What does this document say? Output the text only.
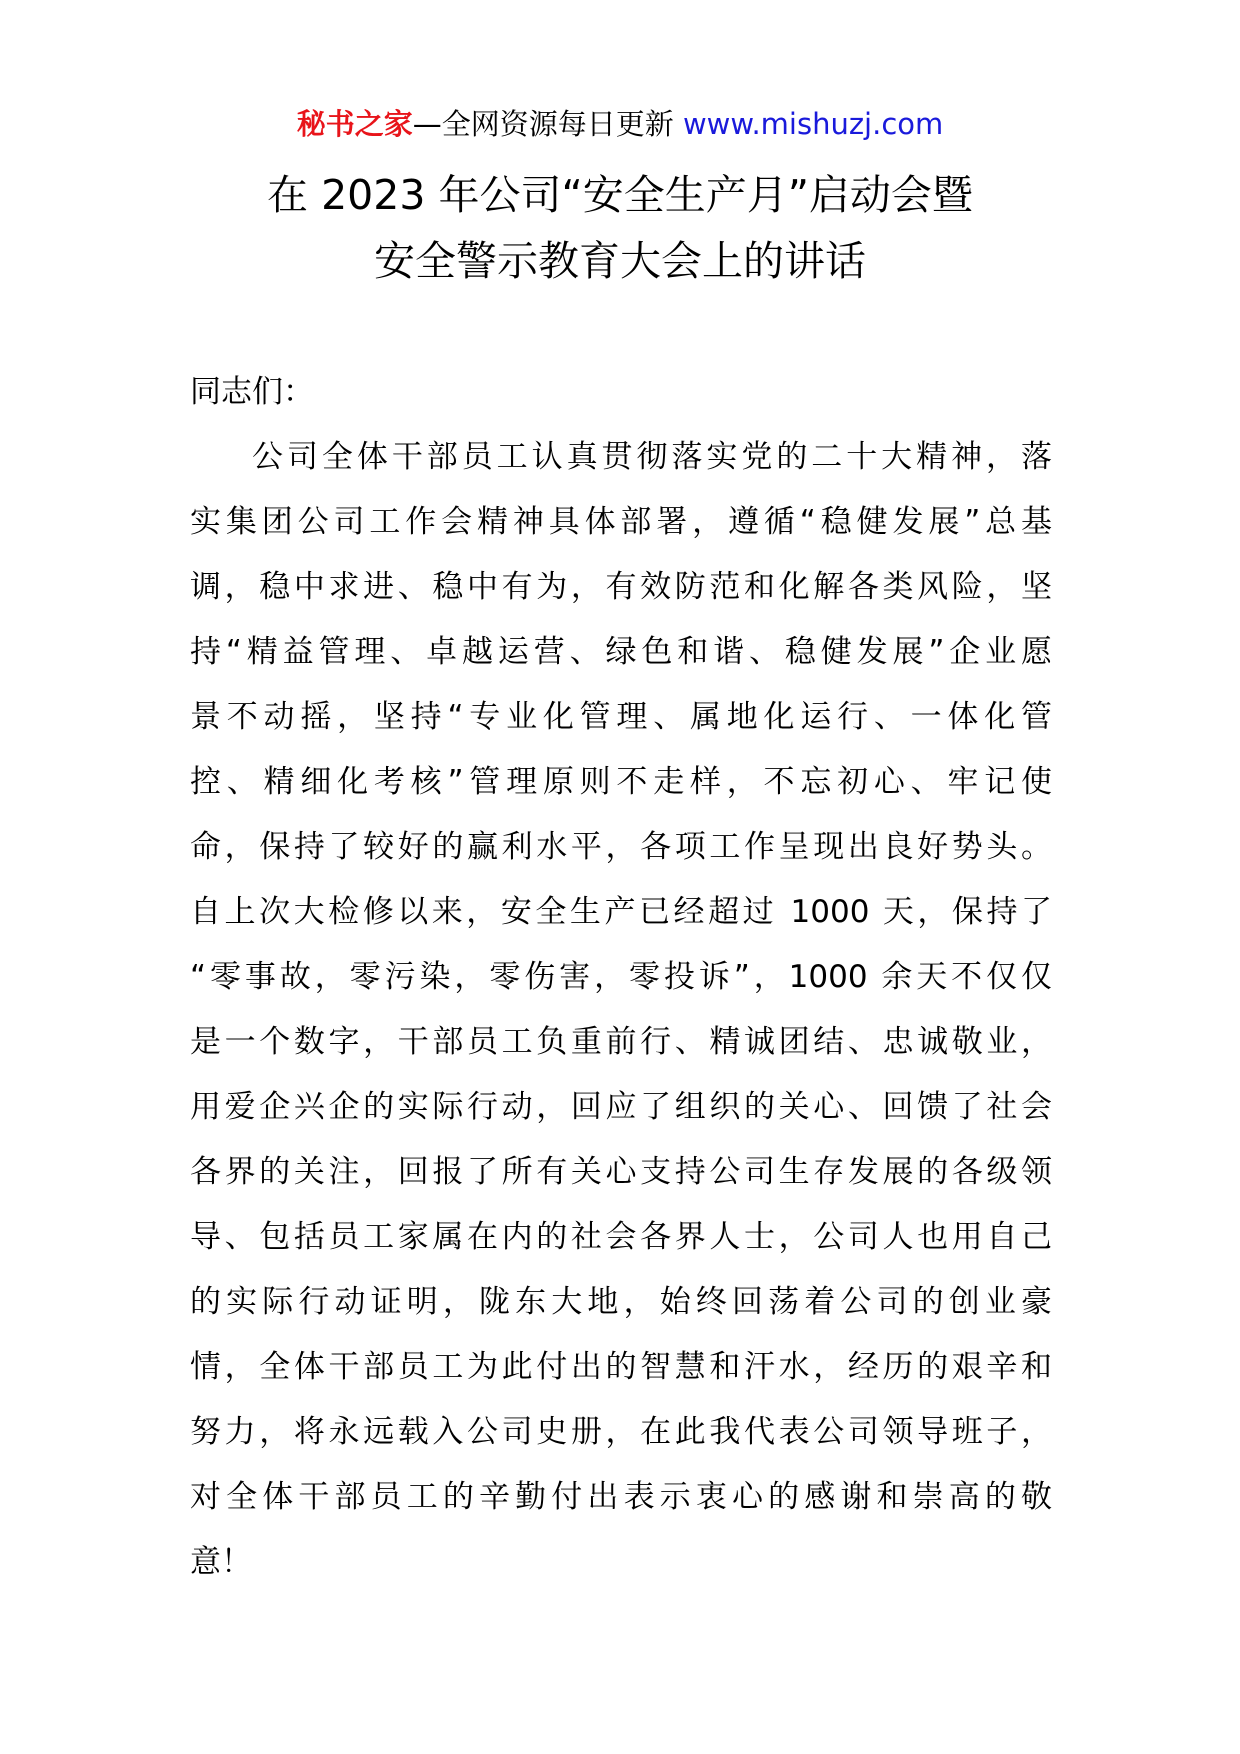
秘书之家—全网资源每日更新 www.mishuzj.com
在 2023 年公司“安全生产月”启动会暨
安全警示教育大会上的讲话

同志们：

公司全体干部员工认真贯彻落实党的二十大精神，落
实集团公司工作会精神具体部署，遵循“稳健发展”总基
调，稳中求进、稳中有为，有效防范和化解各类风险，坚
持“精益管理、卓越运营、绿色和谐、稳健发展”企业愿
景不动摇，坚持“专业化管理、属地化运行、一体化管
控、精细化考核”管理原则不走样，不忘初心、牢记使
命，保持了较好的赢利水平，各项工作呈现出良好势头。
自上次大检修以来，安全生产已经超过 1000 天，保持了
“零事故，零污染，零伤害，零投诉”，1000 余天不仅仅
是一个数字，干部员工负重前行、精诚团结、忠诚敬业，
用爱企兴企的实际行动，回应了组织的关心、回馈了社会
各界的关注，回报了所有关心支持公司生存发展的各级领
导、包括员工家属在内的社会各界人士，公司人也用自己
的实际行动证明，陇东大地，始终回荡着公司的创业豪
情，全体干部员工为此付出的智慧和汗水，经历的艰辛和
努力，将永远载入公司史册，在此我代表公司领导班子，
对全体干部员工的辛勤付出表示衷心的感谢和崇高的敬
意！
